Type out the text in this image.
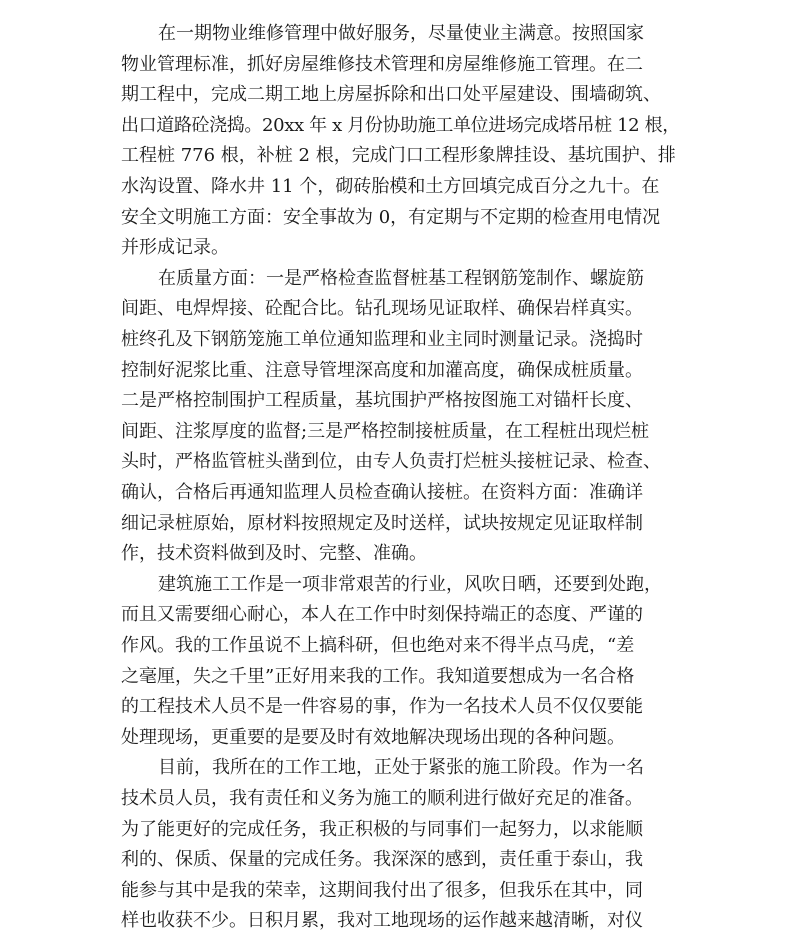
在一期物业维修管理中做好服务，尽量使业主满意。按照国家
物业管理标准，抓好房屋维修技术管理和房屋维修施工管理。在二
期工程中，完成二期工地上房屋拆除和出口处平屋建设、围墙砌筑、
出口道路砼浇捣。20xx 年 x 月份协助施工单位进场完成塔吊桩 12 根，
工程桩 776 根，补桩 2 根，完成门口工程形象牌挂设、基坑围护、排
水沟设置、降水井 11 个，砌砖胎模和土方回填完成百分之九十。在
安全文明施工方面：安全事故为 0，有定期与不定期的检查用电情况
并形成记录。
在质量方面：一是严格检查监督桩基工程钢筋笼制作、螺旋筋
间距、电焊焊接、砼配合比。钻孔现场见证取样、确保岩样真实。
桩终孔及下钢筋笼施工单位通知监理和业主同时测量记录。浇捣时
控制好泥浆比重、注意导管埋深高度和加灌高度，确保成桩质量。
二是严格控制围护工程质量，基坑围护严格按图施工对锚杆长度、
间距、注浆厚度的监督;三是严格控制接桩质量，在工程桩出现烂桩
头时，严格监管桩头凿到位，由专人负责打烂桩头接桩记录、检查、
确认，合格后再通知监理人员检查确认接桩。在资料方面：准确详
细记录桩原始，原材料按照规定及时送样，试块按规定见证取样制
作，技术资料做到及时、完整、准确。
建筑施工工作是一项非常艰苦的行业，风吹日晒，还要到处跑，
而且又需要细心耐心，本人在工作中时刻保持端正的态度、严谨的
作风。我的工作虽说不上搞科研，但也绝对来不得半点马虎，“差
之毫厘，失之千里”正好用来我的工作。我知道要想成为一名合格
的工程技术人员不是一件容易的事，作为一名技术人员不仅仅要能
处理现场，更重要的是要及时有效地解决现场出现的各种问题。
目前，我所在的工作工地，正处于紧张的施工阶段。作为一名
技术员人员，我有责任和义务为施工的顺利进行做好充足的准备。
为了能更好的完成任务，我正积极的与同事们一起努力，以求能顺
利的、保质、保量的完成任务。我深深的感到，责任重于泰山，我
能参与其中是我的荣幸，这期间我付出了很多，但我乐在其中，同
样也收获不少。日积月累，我对工地现场的运作越来越清晰，对仪
